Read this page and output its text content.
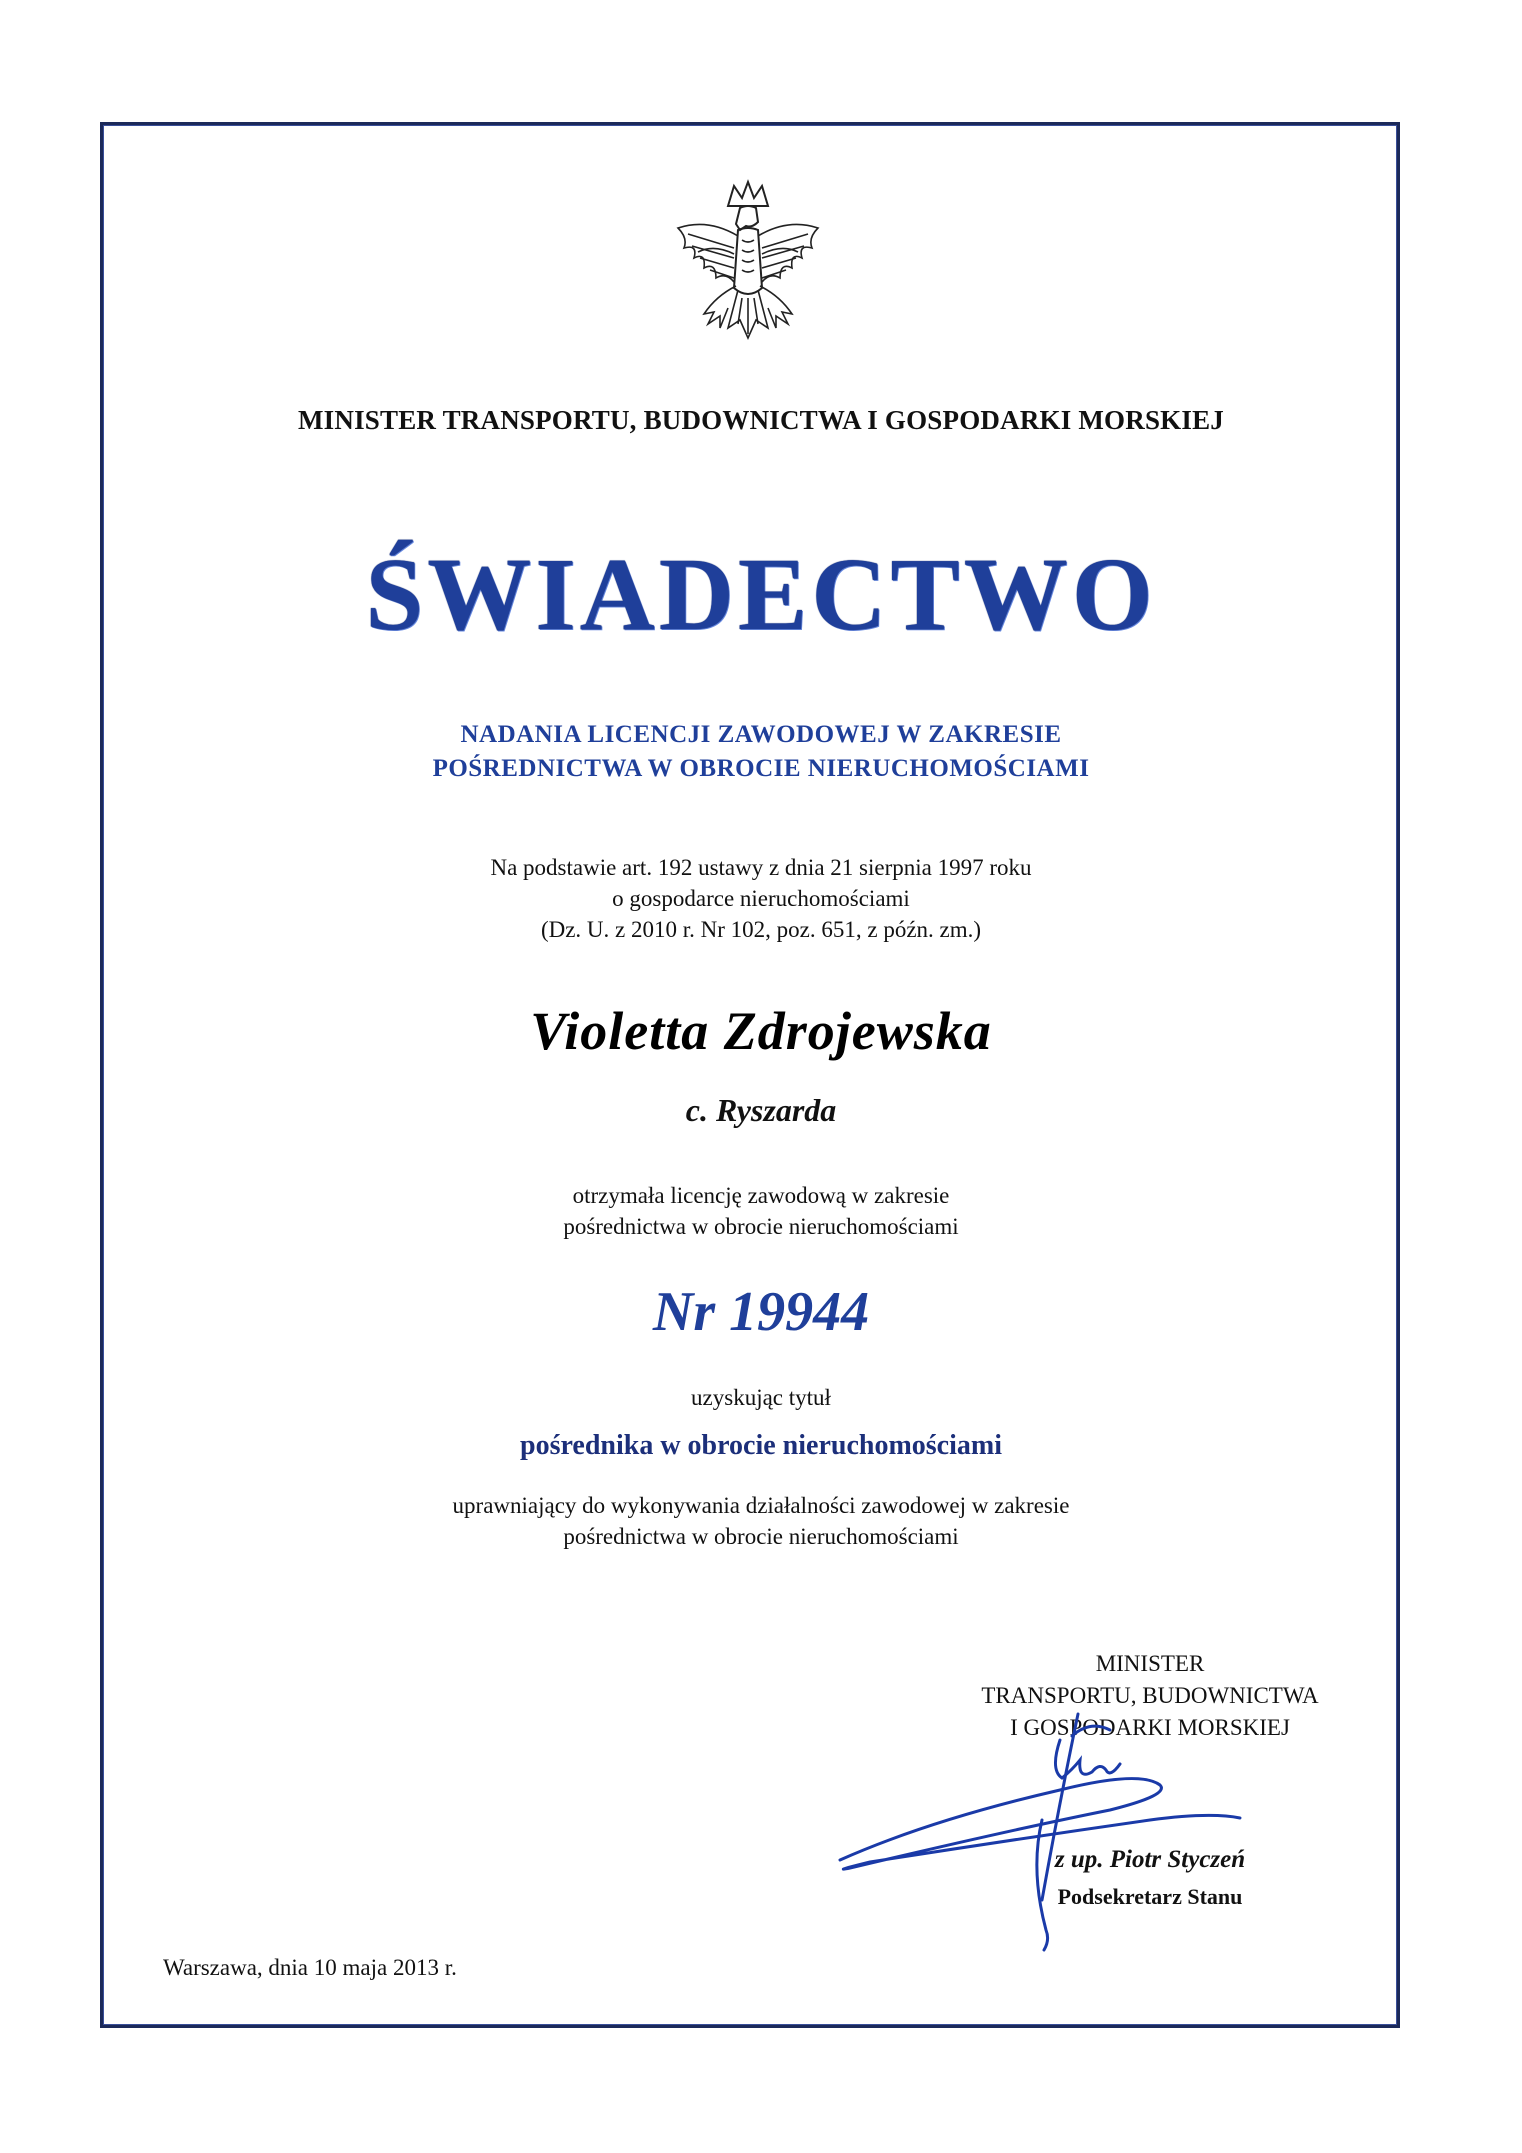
MINISTER TRANSPORTU, BUDOWNICTWA I GOSPODARKI MORSKIEJ
ŚWIADECTWO
NADANIA LICENCJI ZAWODOWEJ W ZAKRESIE
POŚREDNICTWA W OBROCIE NIERUCHOMOŚCIAMI
Na podstawie art. 192 ustawy z dnia 21 sierpnia 1997 roku
o gospodarce nieruchomościami
(Dz. U. z 2010 r. Nr 102, poz. 651, z późn. zm.)
Violetta Zdrojewska
c. Ryszarda
otrzymała licencję zawodową w zakresie
pośrednictwa w obrocie nieruchomościami
Nr 19944
uzyskując tytuł
pośrednika w obrocie nieruchomościami
uprawniający do wykonywania działalności zawodowej w zakresie
pośrednictwa w obrocie nieruchomościami
MINISTER
TRANSPORTU, BUDOWNICTWA
I GOSPODARKI MORSKIEJ
z up. Piotr Styczeń
Podsekretarz Stanu
Warszawa, dnia 10 maja 2013 r.
